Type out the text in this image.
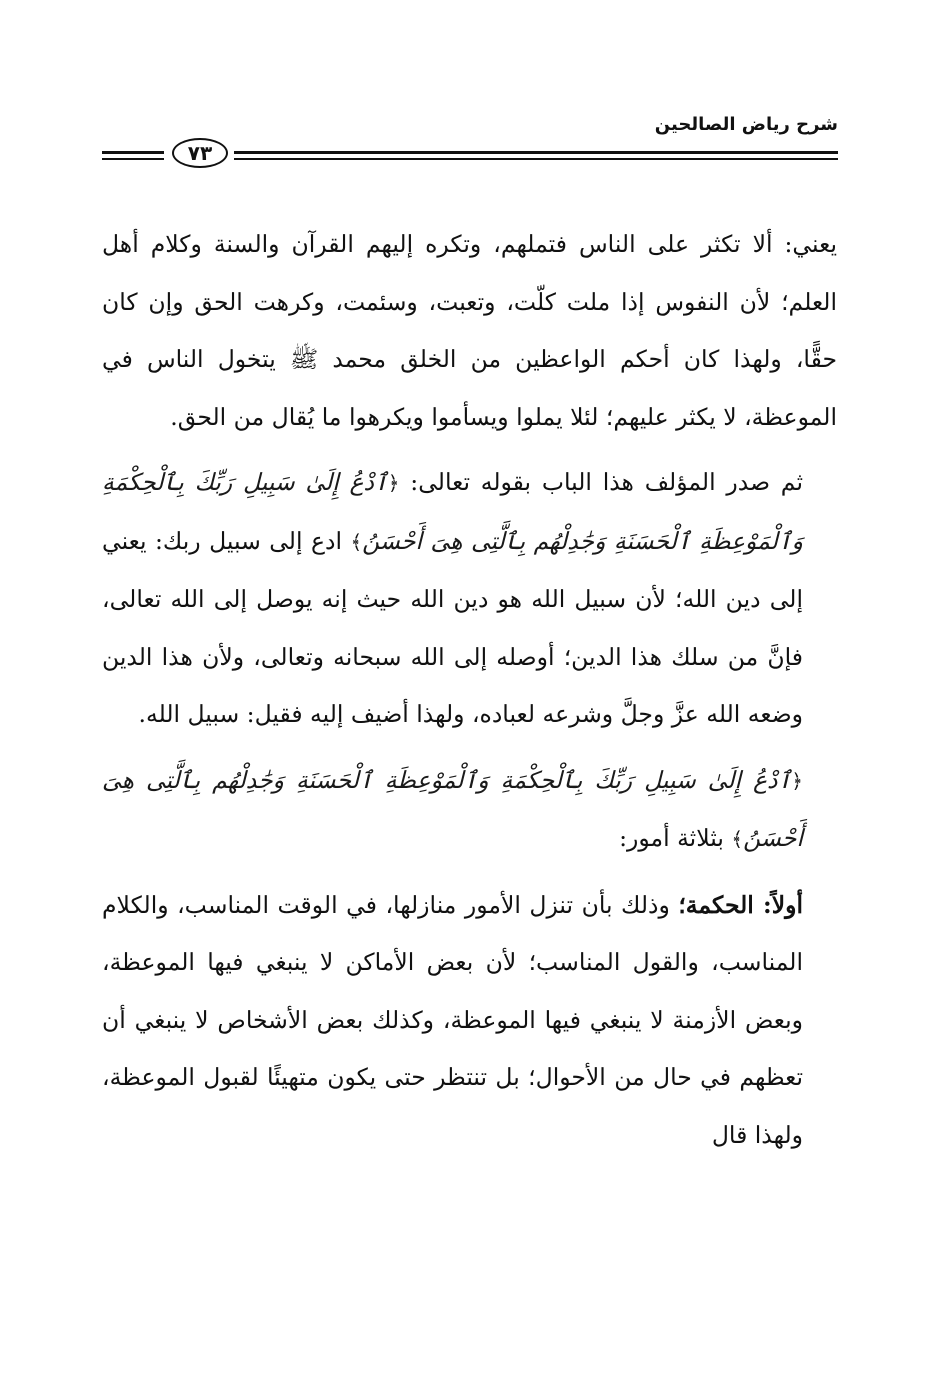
شرح رياض الصالحين
٧٣

يعني: ألا تكثر على الناس فتملهم، وتكره إليهم القرآن والسنة وكلام أهل العلم؛ لأن النفوس إذا ملت كلّت، وتعبت، وسئمت، وكرهت الحق وإن كان حقًّا، ولهذا كان أحكم الواعظين من الخلق محمد ﷺ يتخول الناس في الموعظة، لا يكثر عليهم؛ لئلا يملوا ويسأموا ويكرهوا ما يُقال من الحق.

ثم صدر المؤلف هذا الباب بقوله تعالى: ﴿ٱدْعُ إِلَىٰ سَبِيلِ رَبِّكَ بِٱلْحِكْمَةِ وَٱلْمَوْعِظَةِ ٱلْحَسَنَةِ وَجَٰدِلْهُم بِٱلَّتِى هِىَ أَحْسَنُ﴾ ادع إلى سبيل ربك: يعني إلى دين الله؛ لأن سبيل الله هو دين الله حيث إنه يوصل إلى الله تعالى، فإنَّ من سلك هذا الدين؛ أوصله إلى الله سبحانه وتعالى، ولأن هذا الدين وضعه الله عزَّ وجلَّ وشرعه لعباده، ولهذا أضيف إليه فقيل: سبيل الله.

﴿ٱدْعُ إِلَىٰ سَبِيلِ رَبِّكَ بِٱلْحِكْمَةِ وَٱلْمَوْعِظَةِ ٱلْحَسَنَةِ وَجَٰدِلْهُم بِٱلَّتِى هِىَ أَحْسَنُ﴾ بثلاثة أمور:

أولاً: الحكمة؛ وذلك بأن تنزل الأمور منازلها، في الوقت المناسب، والكلام المناسب، والقول المناسب؛ لأن بعض الأماكن لا ينبغي فيها الموعظة، وبعض الأزمنة لا ينبغي فيها الموعظة، وكذلك بعض الأشخاص لا ينبغي أن تعظهم في حال من الأحوال؛ بل تنتظر حتى يكون متهيئًا لقبول الموعظة، ولهذا قال
